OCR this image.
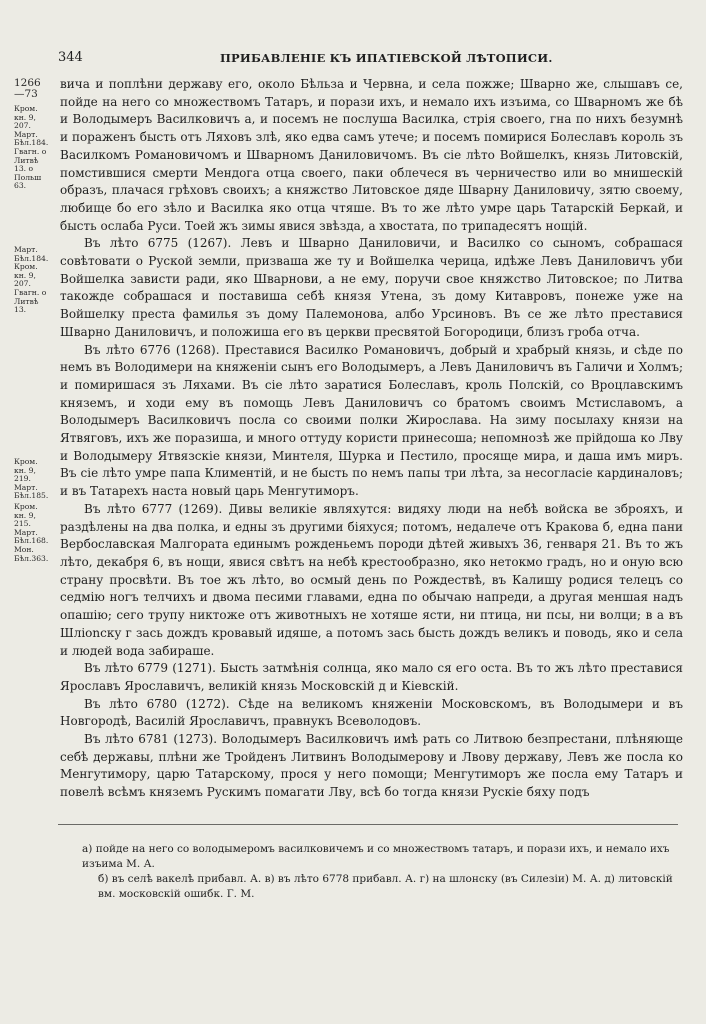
344	ПРИБАВЛЕНІЕ КЪ ИПАТІЕВСКОЙ ЛѢТОПИСИ.
1266
—73
Кром.
кн. 9,
207.
Март.
Бѣл.184.
Гвагн. о
Литвѣ
13. о
Польш
63.
Март.
Бѣл.184.
Кром.
кн. 9,
207.
Гвагн. о
Литвѣ
13.
Кром.
кн. 9,
219.
Март.
Бѣл.185.
Кром.
кн. 9,
215.
Март.
Бѣл.168.
Мон.
Бѣл.363.

вича и поплѣни державу его, около Бѣльза и Червна, и села пожже; Шварно же, слышавъ се, пойде на него со множествомъ Татаръ, и порази ихъ, и немало ихъ изъима, со Шварномъ же бѣ и Володымеръ Василковичъ а, и посемъ не послуша Василка, стрія своего, гна по нихъ безумнѣ и пораженъ бысть отъ Ляховъ злѣ, яко едва самъ утече; и посемъ помирися Болеславъ король зъ Василкомъ Романовичомъ и Шварномъ Даниловичомъ. Въ сіе лѣто Войшелкъ, князь Литовскій, помстившися смерти Мендога отца своего, паки облечеся въ черничество или во мнишескій образъ, плачася грѣховъ своихъ; а княжство Литовское дяде Шварну Даниловичу, зятю своему, любище бо его зѣло и Василка яко отца чтяше. Въ то же лѣто умре царь Татарскій Беркай, и бысть ослаба Руси. Тоей жъ зимы явися звѣзда, а хвостата, по трипадесятъ нощій.

Въ лѣто 6775 (1267). Левъ и Шварно Даниловичи, и Василко со сыномъ, собрашася совѣтовати о Руской земли, призваша же ту и Войшелка черица, идѣже Левъ Даниловичъ уби Войшелка зависти ради, яко Шварнови, а не ему, поручи свое княжство Литовское; по Литва такожде собрашася и поставиша себѣ князя Утена, зъ дому Китавровъ, понеже уже на Войшелку преста фамилья зъ дому Палемонова, албо Урсиновъ. Въ се же лѣто преставися Шварно Даниловичъ, и положиша его въ церкви пресвятой Богородици, близъ гроба отча.

Въ лѣто 6776 (1268). Преставися Василко Романовичъ, добрый и храбрый князь, и сѣде по немъ въ Володимери на княженіи сынъ его Володымеръ, а Левъ Даниловичъ въ Галичи и Холмъ; и помиришася зъ Ляхами. Въ сіе лѣто заратися Болеславъ, кроль Полскій, со Вроцлавскимъ княземъ, и ходи ему въ помощь Левъ Даниловичъ со братомъ своимъ Мстиславомъ, а Володымеръ Василковичъ посла со своими полки Жирослава. На зиму посылаху князи на Ятвяговъ, ихъ же поразиша, и много оттуду користи принесоша; непомнозѣ же прійдоша ко Лву и Володымеру Ятвязскіе князи, Минтеля, Шурка и Пестило, просяще мира, и даша имъ миръ. Въ сіе лѣто умре папа Климентій, и не бысть по немъ папы три лѣта, за несогласіе кардиналовъ; и въ Татарехъ наста новый царь Менгутиморъ.

Въ лѣто 6777 (1269). Дивы великіе являхутся: видяху люди на небѣ войска ве зброяхъ, и раздѣлены на два полка, и едны зъ другими біяхуся; потомъ, недалече отъ Кракова б, една пани Вербославская Малгората единымъ рожденьемъ породи дѣтей живыхъ 36, генваря 21. Въ то жъ лѣто, декабря 6, въ нощи, явися свѣтъ на небѣ крестообразно, яко нетокмо градъ, но и оную всю страну просвѣти. Въ тое жъ лѣто, во осмый день по Рождествѣ, въ Калишу родися телецъ со седмію ногъ телчихъ и двома песими главами, една по обычаю напреди, а другая меншая надъ опашію; сего трупу никтоже отъ животныхъ не хотяше ясти, ни птица, ни псы, ни волци; в а въ Шлionску г зась дождъ кровавый идяше, а потомъ зась бысть дождъ великъ и поводь, яко и села и людей вода забираше.

Въ лѣто 6779 (1271). Бысть затмѣнія солнца, яко мало ся его оста. Въ то жъ лѣто преставися Ярославъ Ярославичъ, великій князь Московскій д и Кіевскій.

Въ лѣто 6780 (1272). Сѣде на великомъ княженіи Московскомъ, въ Володымери и въ Новгородѣ, Василій Ярославичъ, правнукъ Всеволодовъ.

Въ лѣто 6781 (1273). Володымеръ Василковичъ имѣ рать со Литвою безпрестани, плѣняюще себѣ державы, плѣни же Тройденъ Литвинъ Володымерову и Лвову державу, Левъ же посла ко Менгутимору, царю Татарскому, прося у него помощи; Менгутиморъ же посла ему Татаръ и повелѣ всѣмъ княземъ Рускимъ помагати Лву, всѣ бо тогда князи Рускіе бяху подъ

а) пойде на него со володымеромъ василковичемъ и со множествомъ татаръ, и порази ихъ, и немало ихъ изъима М. А.

б) въ селѣ вакелѣ прибавл. А. в) въ лѣто 6778 прибавл. А. г) на шлонску (въ Силезіи) М. А. д) литовскій вм. московскій ошибк. Г. М.
